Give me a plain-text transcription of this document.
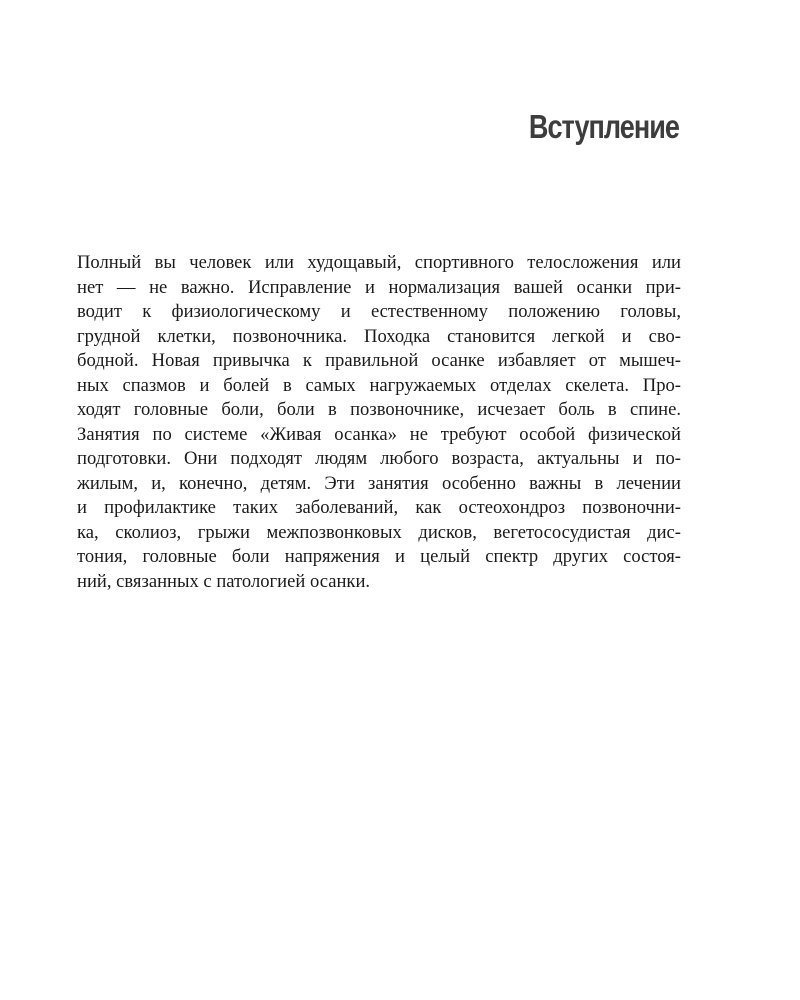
Вступление
Полный вы человек или худощавый, спортивного телосложения или
нет — не важно. Исправление и нормализация вашей осанки при-
водит к физиологическому и естественному положению головы,
грудной клетки, позвоночника. Походка становится легкой и сво-
бодной. Новая привычка к правильной осанке избавляет от мышеч-
ных спазмов и болей в самых нагружаемых отделах скелета. Про-
ходят головные боли, боли в позвоночнике, исчезает боль в спине.
Занятия по системе «Живая осанка» не требуют особой физической
подготовки. Они подходят людям любого возраста, актуальны и по-
жилым, и, конечно, детям. Эти занятия особенно важны в лечении
и профилактике таких заболеваний, как остеохондроз позвоночни-
ка, сколиоз, грыжи межпозвонковых дисков, вегетососудистая дис-
тония, головные боли напряжения и целый спектр других состоя-
ний, связанных с патологией осанки.
